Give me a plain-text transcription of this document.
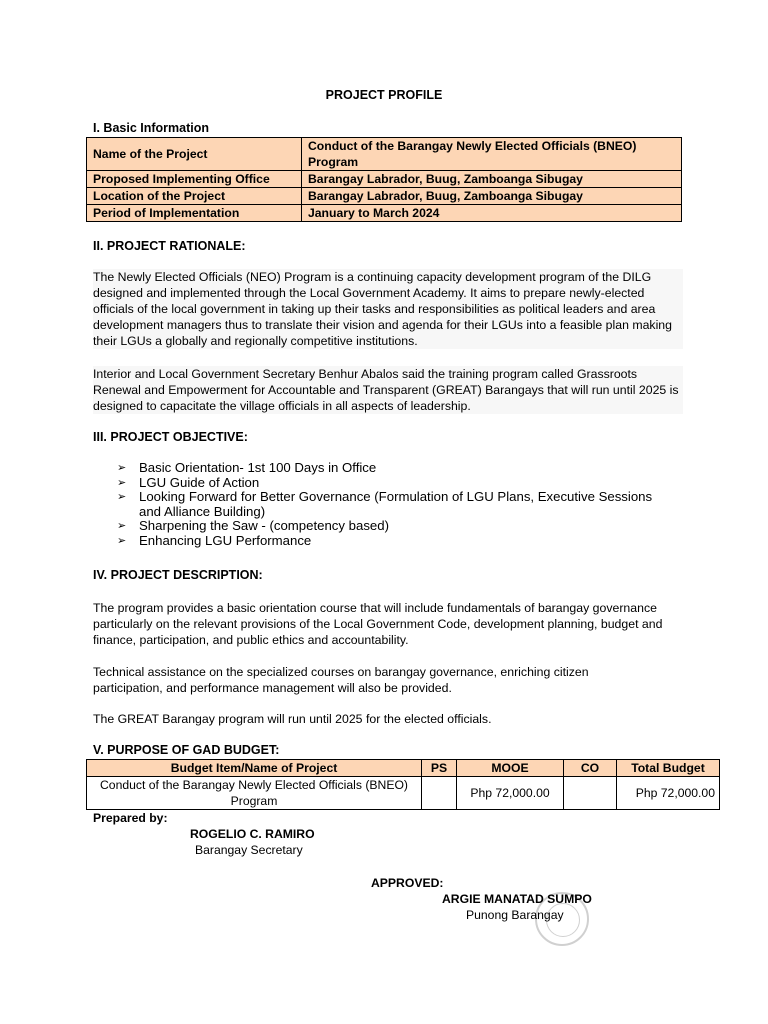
PROJECT PROFILE
I. Basic Information
Name of the Project	Conduct of the Barangay Newly Elected Officials (BNEO) Program
Proposed Implementing Office	Barangay Labrador, Buug, Zamboanga Sibugay
Location of the Project	Barangay Labrador, Buug, Zamboanga Sibugay
Period of Implementation	January to March 2024
II. PROJECT RATIONALE:
The Newly Elected Officials (NEO) Program is a continuing capacity development program of the DILG designed and implemented through the Local Government Academy. It aims to prepare newly-elected officials of the local government in taking up their tasks and responsibilities as political leaders and area development managers thus to translate their vision and agenda for their LGUs into a feasible plan making their LGUs a globally and regionally competitive institutions.
Interior and Local Government Secretary Benhur Abalos said the training program called Grassroots Renewal and Empowerment for Accountable and Transparent (GREAT) Barangays that will run until 2025 is designed to capacitate the village officials in all aspects of leadership.
III. PROJECT OBJECTIVE:
➢ Basic Orientation- 1st 100 Days in Office
➢ LGU Guide of Action
➢ Looking Forward for Better Governance (Formulation of LGU Plans, Executive Sessions and Alliance Building)
➢ Sharpening the Saw - (competency based)
➢ Enhancing LGU Performance
IV. PROJECT DESCRIPTION:
The program provides a basic orientation course that will include fundamentals of barangay governance particularly on the relevant provisions of the Local Government Code, development planning, budget and finance, participation, and public ethics and accountability.
Technical assistance on the specialized courses on barangay governance, enriching citizen participation, and performance management will also be provided.
The GREAT Barangay program will run until 2025 for the elected officials.
V. PURPOSE OF GAD BUDGET:
Budget Item/Name of Project	PS	MOOE	CO	Total Budget
Conduct of the Barangay Newly Elected Officials (BNEO) Program		Php 72,000.00		Php 72,000.00
Prepared by:
ROGELIO C. RAMIRO
Barangay Secretary
APPROVED:
ARGIE MANATAD SUMPO
Punong Barangay
